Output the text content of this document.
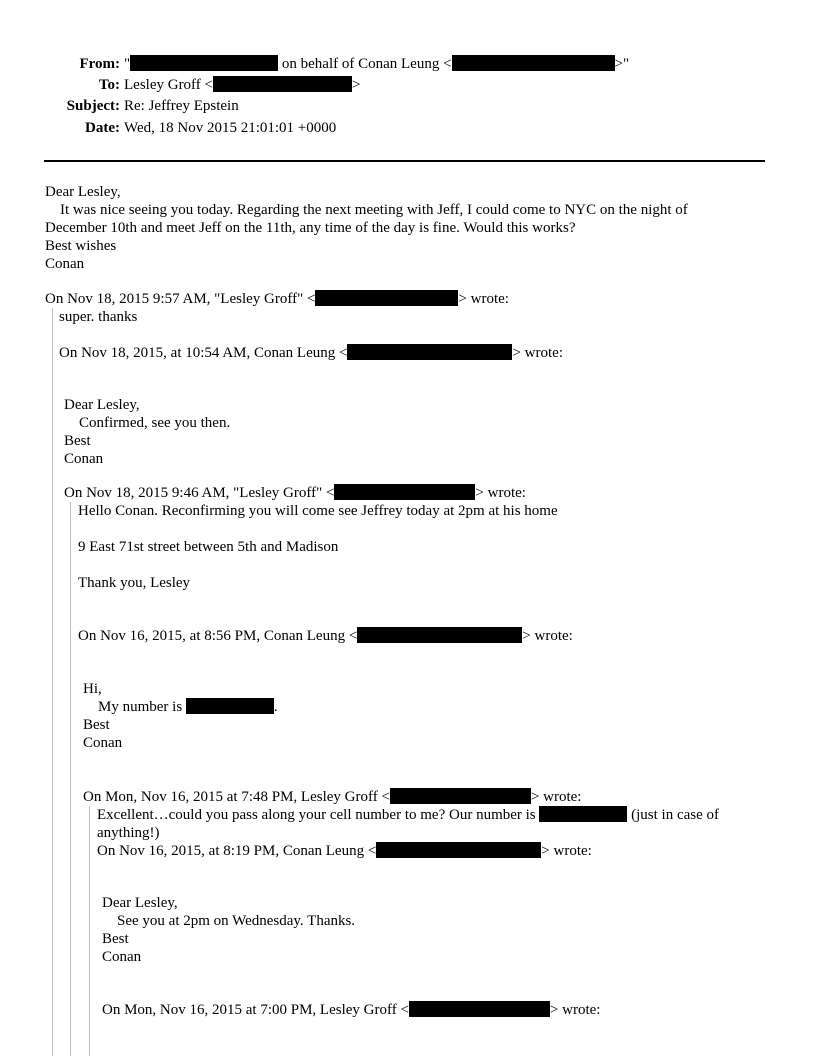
From: "	on behalf of Conan Leung <	>"
To: Lesley Groff <	>
Subject: Re: Jeffrey Epstein
Date: Wed, 18 Nov 2015 21:01:01 +0000
Dear Lesley,
It was nice seeing you today. Regarding the next meeting with Jeff, I could come to NYC on the night of
December 10th and meet Jeff on the 11th, any time of the day is fine. Would this works?
Best wishes
Conan
On Nov 18, 2015 9:57 AM, "Lesley Groff" <	> wrote:
super. thanks
On Nov 18, 2015, at 10:54 AM, Conan Leung <	> wrote:
Dear Lesley,
Confirmed, see you then.
Best
Conan
On Nov 18, 2015 9:46 AM, "Lesley Groff" <	> wrote:
Hello Conan. Reconfirming you will come see Jeffrey today at 2pm at his home
9 East 71st street between 5th and Madison
Thank you, Lesley
On Nov 16, 2015, at 8:56 PM, Conan Leung <	> wrote:
Hi,
My number is	.
Best
Conan
On Mon, Nov 16, 2015 at 7:48 PM, Lesley Groff <	> wrote:
Excellent…could you pass along your cell number to me? Our number is	(just in case of
anything!)
On Nov 16, 2015, at 8:19 PM, Conan Leung <	> wrote:
Dear Lesley,
See you at 2pm on Wednesday. Thanks.
Best
Conan
On Mon, Nov 16, 2015 at 7:00 PM, Lesley Groff <	> wrote:
